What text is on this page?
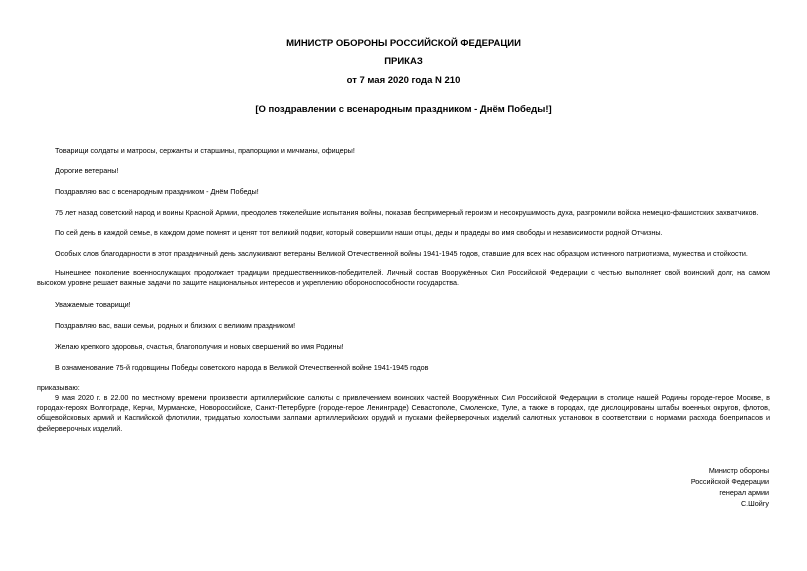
МИНИСТР ОБОРОНЫ РОССИЙСКОЙ ФЕДЕРАЦИИ
ПРИКАЗ
от 7 мая 2020 года N 210
[О поздравлении с всенародным праздником - Днём Победы!]
Товарищи солдаты и матросы, сержанты и старшины, прапорщики и мичманы, офицеры!
Дорогие ветераны!
Поздравляю вас с всенародным праздником - Днём Победы!
75 лет назад советский народ и воины Красной Армии, преодолев тяжелейшие испытания войны, показав беспримерный героизм и несокрушимость духа, разгромили войска немецко-фашистских захватчиков.
По сей день в каждой семье, в каждом доме помнят и ценят тот великий подвиг, который совершили наши отцы, деды и прадеды во имя свободы и независимости родной Отчизны.
Особых слов благодарности в этот праздничный день заслуживают ветераны Великой Отечественной войны 1941-1945 годов, ставшие для всех нас образцом истинного патриотизма, мужества и стойкости.
Нынешнее поколение военнослужащих продолжает традиции предшественников-победителей. Личный состав Вооружённых Сил Российской Федерации с честью выполняет свой воинский долг, на самом высоком уровне решает важные задачи по защите национальных интересов и укреплению обороноспособности государства.
Уважаемые товарищи!
Поздравляю вас, ваши семьи, родных и близких с великим праздником!
Желаю крепкого здоровья, счастья, благополучия и новых свершений во имя Родины!
В ознаменование 75-й годовщины Победы советского народа в Великой Отечественной войне 1941-1945 годов
приказываю:
9 мая 2020 г. в 22.00 по местному времени произвести артиллерийские салюты с привлечением воинских частей Вооружённых Сил Российской Федерации в столице нашей Родины городе-герое Москве, в городах-героях Волгограде, Керчи, Мурманске, Новороссийске, Санкт-Петербурге (городе-герое Ленинграде) Севастополе, Смоленске, Туле, а также в городах, где дислоцированы штабы военных округов, флотов, общевойсковых армий и Каспийской флотилии, тридцатью холостыми залпами артиллерийских орудий и пусками фейерверочных изделий салютных установок в соответствии с нормами расхода боеприпасов и фейерверочных изделий.
Министр обороны
Российской Федерации
генерал армии
С.Шойгу
